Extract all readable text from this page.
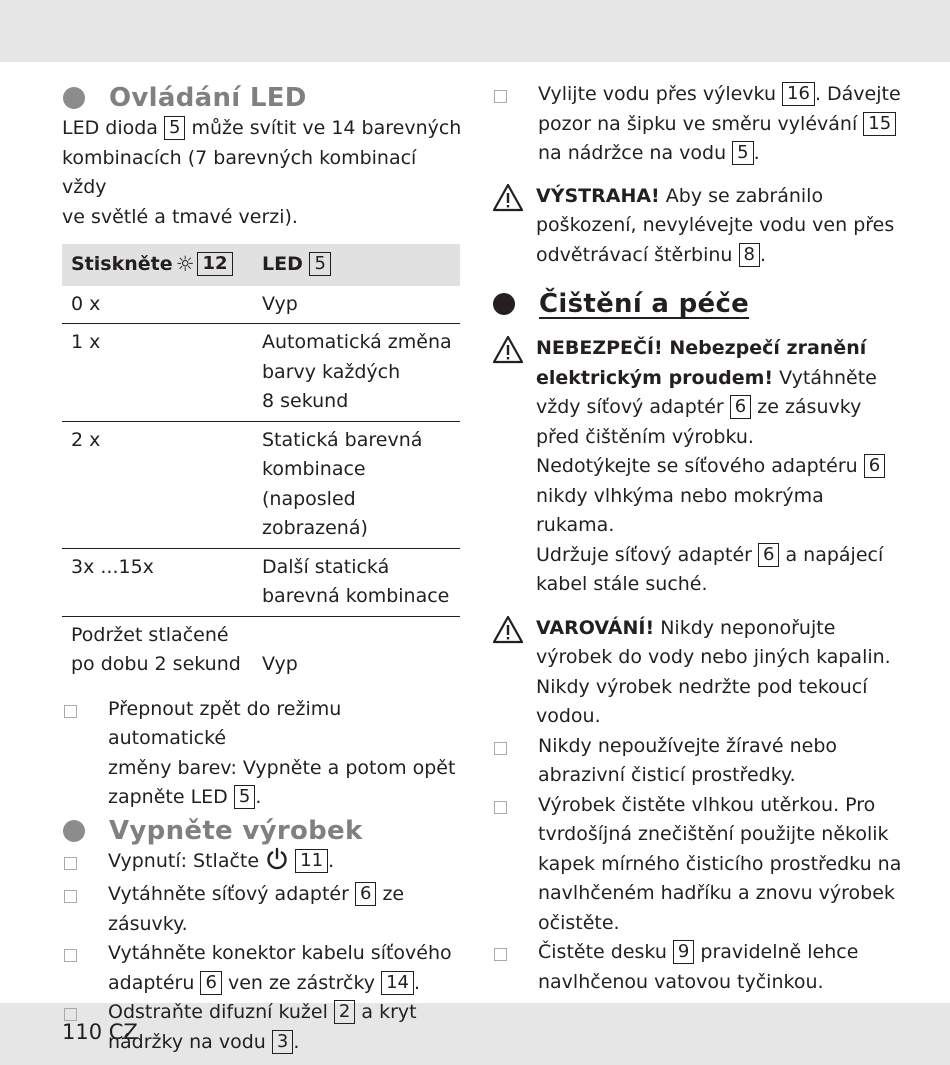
110 CZ
Ovládání LED

LED dioda 5 může svítit ve 14 barevných

kombinacích (7 barevných kombinací vždy

ve světlé a tmavé verzi).

Stiskněte ☼ 12	LED 5

0 x	Vyp

1 x	Automatická změna
barvy každých
8 sekund

2 x	Statická barevná
kombinace
(naposled
zobrazená)

3x ...15x	Další statická
barevná kombinace

Podržet stlačené
po dobu 2 sekund	Vyp

Přepnout zpět do režimu automatické

změny barev: Vypněte a potom opět

zapněte LED 5 .

Vypněte výrobek

Vypnutí: Stlačte  11 .

Vytáhněte síťový adaptér 6 ze

zásuvky.

Vytáhněte konektor kabelu síťového

adaptéru 6 ven ze zástrčky 14 .

Odstraňte difuzní kužel 2 a kryt

nádržky na vodu 3 .

Vylijte vodu přes výlevku 16 . Dávejte

pozor na šipku ve směru vylévání 15

na nádržce na vodu 5 .

VÝSTRAHA! Aby se zabránilo

poškození, nevylévejte vodu ven přes

odvětrávací štěrbinu 8 .

Čištění a péče

NEBEZPEČÍ! Nebezpečí zranění

elektrickým proudem! Vytáhněte

vždy síťový adaptér 6 ze zásuvky

před čištěním výrobku.

Nedotýkejte se síťového adaptéru 6

nikdy vlhkýma nebo mokrýma rukama.

Udržuje síťový adaptér 6 a napájecí

kabel stále suché.

VAROVÁNÍ! Nikdy neponořujte

výrobek do vody nebo jiných kapalin.

Nikdy výrobek nedržte pod tekoucí

vodou.

Nikdy nepoužívejte žíravé nebo

abrazivní čisticí prostředky.

Výrobek čistěte vlhkou utěrkou. Pro

tvrdošíjná znečištění použijte několik

kapek mírného čisticího prostředku na

navlhčeném hadříku a znovu výrobek

očistěte.

Čistěte desku 9 pravidelně lehce

navlhčenou vatovou tyčinkou.
